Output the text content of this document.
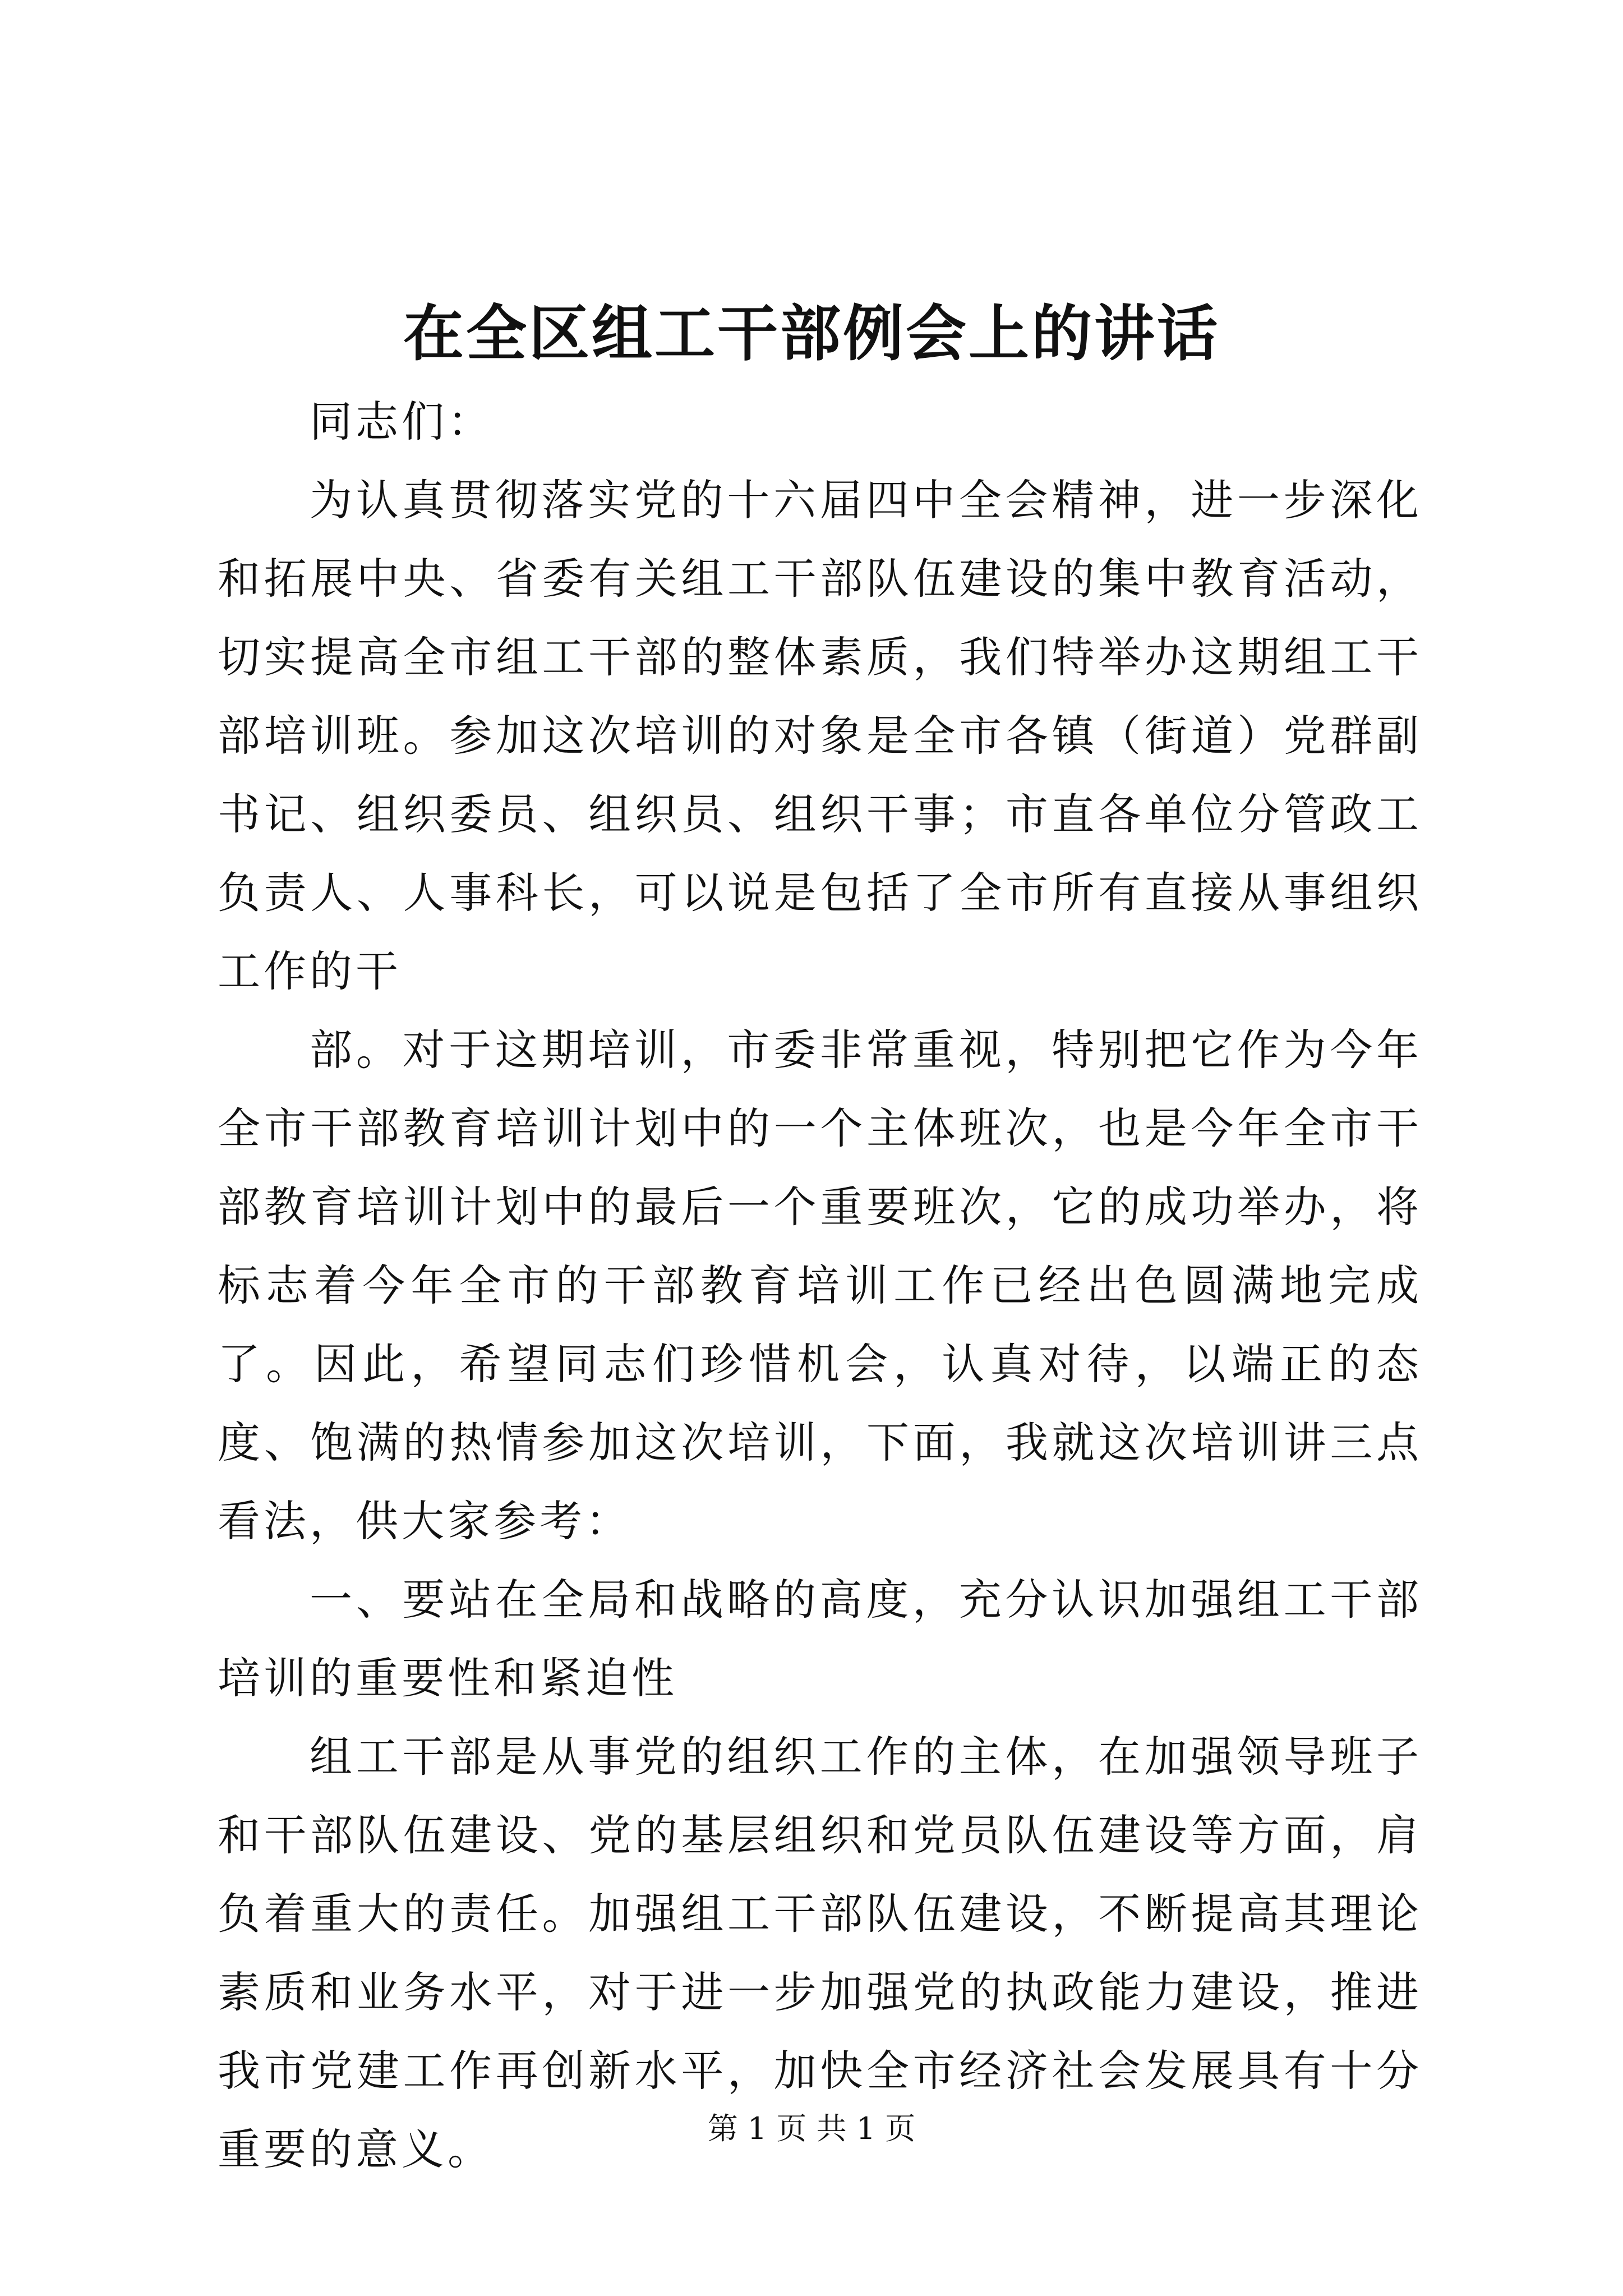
在全区组工干部例会上的讲话

同志们：

为认真贯彻落实党的十六届四中全会精神，进一步深化和拓展中央、省委有关组工干部队伍建设的集中教育活动，切实提高全市组工干部的整体素质，我们特举办这期组工干部培训班。参加这次培训的对象是全市各镇（街道）党群副书记、组织委员、组织员、组织干事；市直各单位分管政工负责人、人事科长，可以说是包括了全市所有直接从事组织工作的干

部。对于这期培训，市委非常重视，特别把它作为今年全市干部教育培训计划中的一个主体班次，也是今年全市干部教育培训计划中的最后一个重要班次，它的成功举办，将标志着今年全市的干部教育培训工作已经出色圆满地完成了。因此，希望同志们珍惜机会，认真对待，以端正的态度、饱满的热情参加这次培训，下面，我就这次培训讲三点看法，供大家参考：

一、要站在全局和战略的高度，充分认识加强组工干部培训的重要性和紧迫性

组工干部是从事党的组织工作的主体，在加强领导班子和干部队伍建设、党的基层组织和党员队伍建设等方面，肩负着重大的责任。加强组工干部队伍建设，不断提高其理论素质和业务水平，对于进一步加强党的执政能力建设，推进我市党建工作再创新水平，加快全市经济社会发展具有十分重要的意义。	第 1 页 共 1 页
